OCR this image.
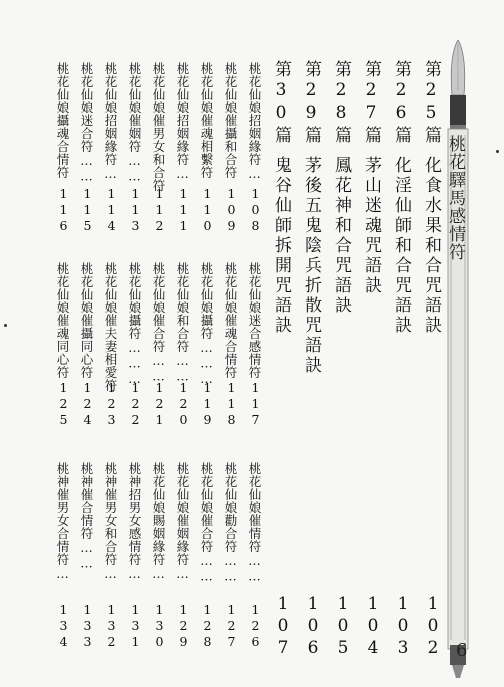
桃花驛馬感情符
6
第25篇化食水果和合咒語訣
102
第26篇化淫仙師和合咒語訣
103
第27篇茅山迷魂咒語訣
104
第28篇鳳花神和合咒語訣
105
第29篇茅後五鬼陰兵折散咒語訣
106
第30篇鬼谷仙師拆開咒語訣
107
桃花仙娘招姻緣符…
108
桃花仙娘催攝和合符
109
桃花仙娘催魂相繫符
110
桃花仙娘招姻緣符…
111
桃花仙娘催男女和合符
112
桃花仙娘催姻符……
113
桃花仙娘招姻緣符…
114
桃花仙娘迷合符……
115
桃花仙娘攝魂合情符
116
桃花仙娘迷合感情符
117
桃花仙娘催魂合情符
118
桃花仙娘攝符………
119
桃花仙娘和合符……
120
桃花仙娘催合符……
121
桃花仙娘攝符………
122
桃花仙娘催夫妻相愛符
123
桃花仙娘催攝同心符
124
桃花仙娘催魂同心符
125
桃花仙娘催情符……
126
桃花仙娘勸合符……
127
桃花仙娘催合符……
128
桃花仙娘催姻緣符…
129
桃花仙娘賜姻緣符…
130
桃神招男女感情符…
131
桃神催男女和合符…
132
桃神催合情符……
133
桃神催男女合情符…
134
